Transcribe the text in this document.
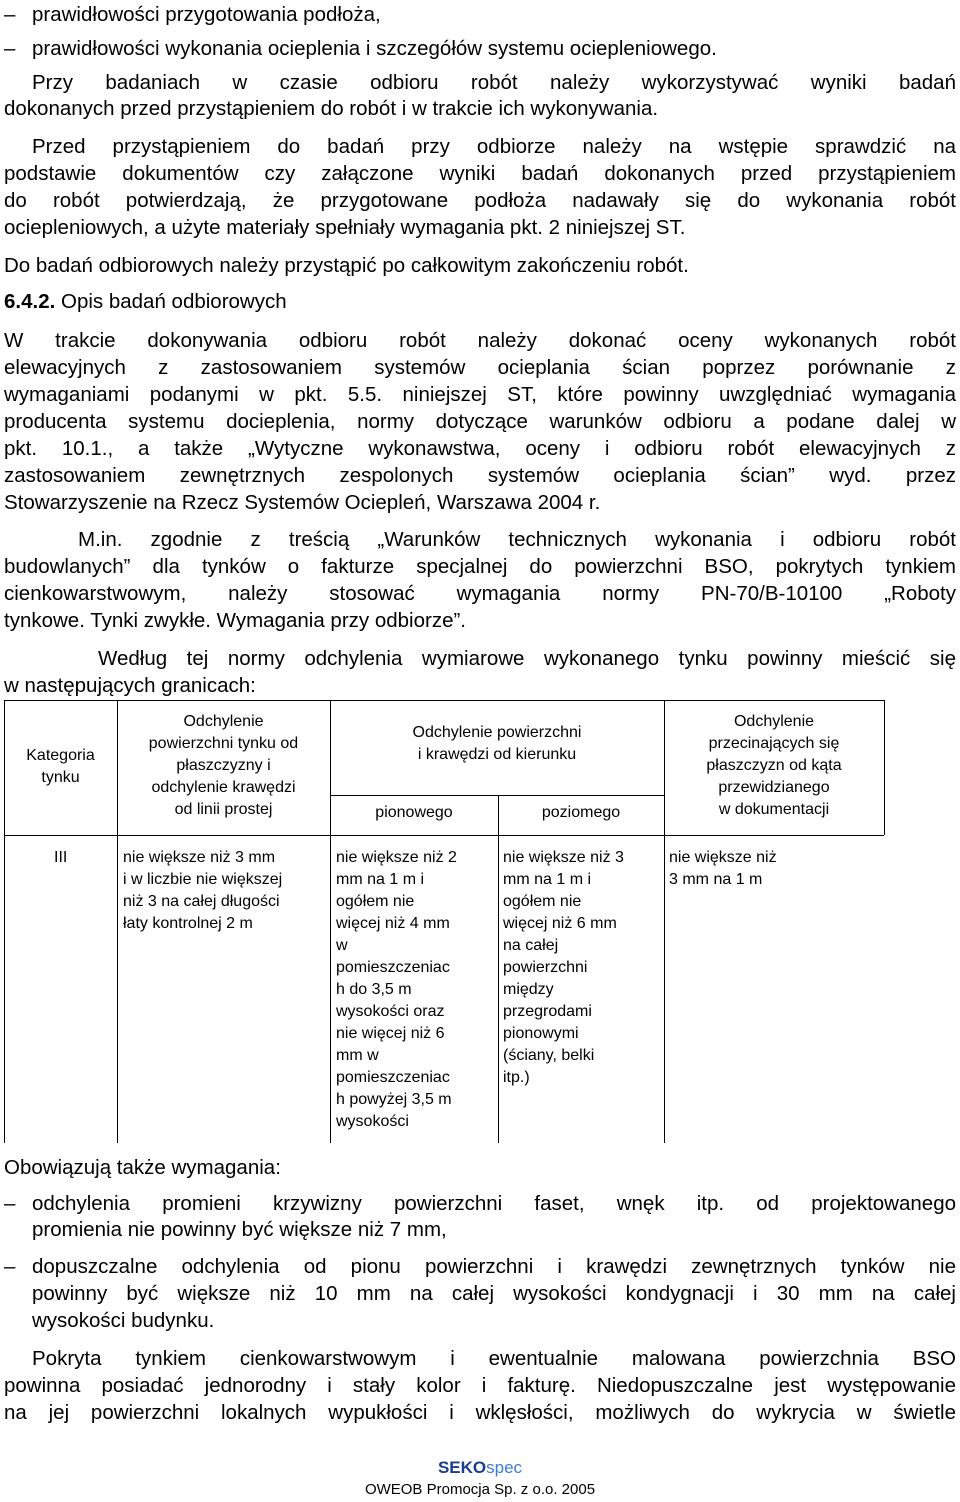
– prawidłowości przygotowania podłoża,
– prawidłowości wykonania ocieplenia i szczegółów systemu ociepleniowego.
Przy badaniach w czasie odbioru robót należy wykorzystywać wyniki badań
dokonanych przed przystąpieniem do robót i w trakcie ich wykonywania.
Przed przystąpieniem do badań przy odbiorze należy na wstępie sprawdzić na
podstawie dokumentów czy załączone wyniki badań dokonanych przed przystąpieniem
do robót potwierdzają, że przygotowane podłoża nadawały się do wykonania robót
ociepleniowych, a użyte materiały spełniały wymagania pkt. 2 niniejszej ST.
Do badań odbiorowych należy przystąpić po całkowitym zakończeniu robót.
6.4.2. Opis badań odbiorowych
W trakcie dokonywania odbioru robót należy dokonać oceny wykonanych robót
elewacyjnych z zastosowaniem systemów ocieplania ścian poprzez porównanie z
wymaganiami podanymi w pkt. 5.5. niniejszej ST, które powinny uwzględniać wymagania
producenta systemu docieplenia, normy dotyczące warunków odbioru a podane dalej w
pkt. 10.1., a także „Wytyczne wykonawstwa, oceny i odbioru robót elewacyjnych z
zastosowaniem zewnętrznych zespolonych systemów ocieplania ścian” wyd. przez
Stowarzyszenie na Rzecz Systemów Ociepleń, Warszawa 2004 r.
M.in. zgodnie z treścią „Warunków technicznych wykonania i odbioru robót
budowlanych” dla tynków o fakturze specjalnej do powierzchni BSO, pokrytych tynkiem
cienkowarstwowym, należy stosować wymagania normy PN-70/B-10100 „Roboty
tynkowe. Tynki zwykłe. Wymagania przy odbiorze”.
Według tej normy odchylenia wymiarowe wykonanego tynku powinny mieścić się
w następujących granicach:
Kategoria
tynku
Odchylenie
powierzchni tynku od
płaszczyzny i
odchylenie krawędzi
od linii prostej
Odchylenie powierzchni
i krawędzi od kierunku
pionowego	poziomego
Odchylenie
przecinających się
płaszczyzn od kąta
przewidzianego
w dokumentacji
III	nie większe niż 3 mm
i w liczbie nie większej
niż 3 na całej długości
łaty kontrolnej 2 m
nie większe niż 2
mm na 1 m i
ogółem nie
więcej niż 4 mm
w
pomieszczeniac
h do 3,5 m
wysokości oraz
nie więcej niż 6
mm w
pomieszczeniac
h powyżej 3,5 m
wysokości
nie większe niż 3
mm na 1 m i
ogółem nie
więcej niż 6 mm
na całej
powierzchni
między
przegrodami
pionowymi
(ściany, belki
itp.)
nie większe niż
3 mm na 1 m
Obowiązują także wymagania:
– odchylenia promieni krzywizny powierzchni faset, wnęk itp. od projektowanego
promienia nie powinny być większe niż 7 mm,
– dopuszczalne odchylenia od pionu powierzchni i krawędzi zewnętrznych tynków nie
powinny być większe niż 10 mm na całej wysokości kondygnacji i 30 mm na całej
wysokości budynku.
Pokryta tynkiem cienkowarstwowym i ewentualnie malowana powierzchnia BSO
powinna posiadać jednorodny i stały kolor i fakturę. Niedopuszczalne jest występowanie
na jej powierzchni lokalnych wypukłości i wklęsłości, możliwych do wykrycia w świetle
SEKOspec
OWEOB Promocja Sp. z o.o. 2005
